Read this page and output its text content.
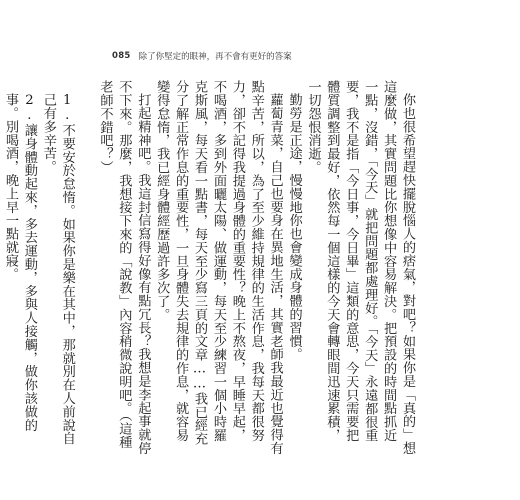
085 除了你堅定的眼神，再不會有更好的答案

你也很希望趕快擺脫惱人的痞氣，對吧？如果你是「真的」想這麼做，其實問題比你想像中容易解決。把預設的時間點抓近一點，沒錯，「今天」就把問題都處理好。「今天」永遠都很重要，我不是指「今日事，今日畢」這類的意思，今天只需要把體質調整到最好，依然每一個這樣的今天會轉眼間迅速累積，一切怨恨消逝。

勤勞是正途，慢慢地你也會變成身體的習慣。

蘿蔔青菜，自己也要身在異地生活，其實老師我最近也覺得有點辛苦，所以，為了至少維持規律的生活作息，我每天都很努力，卻不記得我提過身體的重要性？晚上不熬夜，早睡早起，不喝酒，多到外面曬太陽、做運動，每天至少練習一個小時羅克斯風，每天看一點書，每天至少寫三頁的文章……我已經充分了解正常作息的重要性，一旦身體失去規律的作息，就容易變得怠惰，我已經身體經歷過許多次了。

打起精神吧。我這封信寫得好像有點冗長？我想是李起事就停不下來。那麼，我想接下來的「說教」內容稍微說明吧。（這種老師不錯吧？）

1.不要安於怠惰。如果你是樂在其中，那就別在人前說自己有多辛苦。

2.讓身體動起來，多去運動，多與人接觸，做你該做的事。別喝酒，晚上早一點就寢。
